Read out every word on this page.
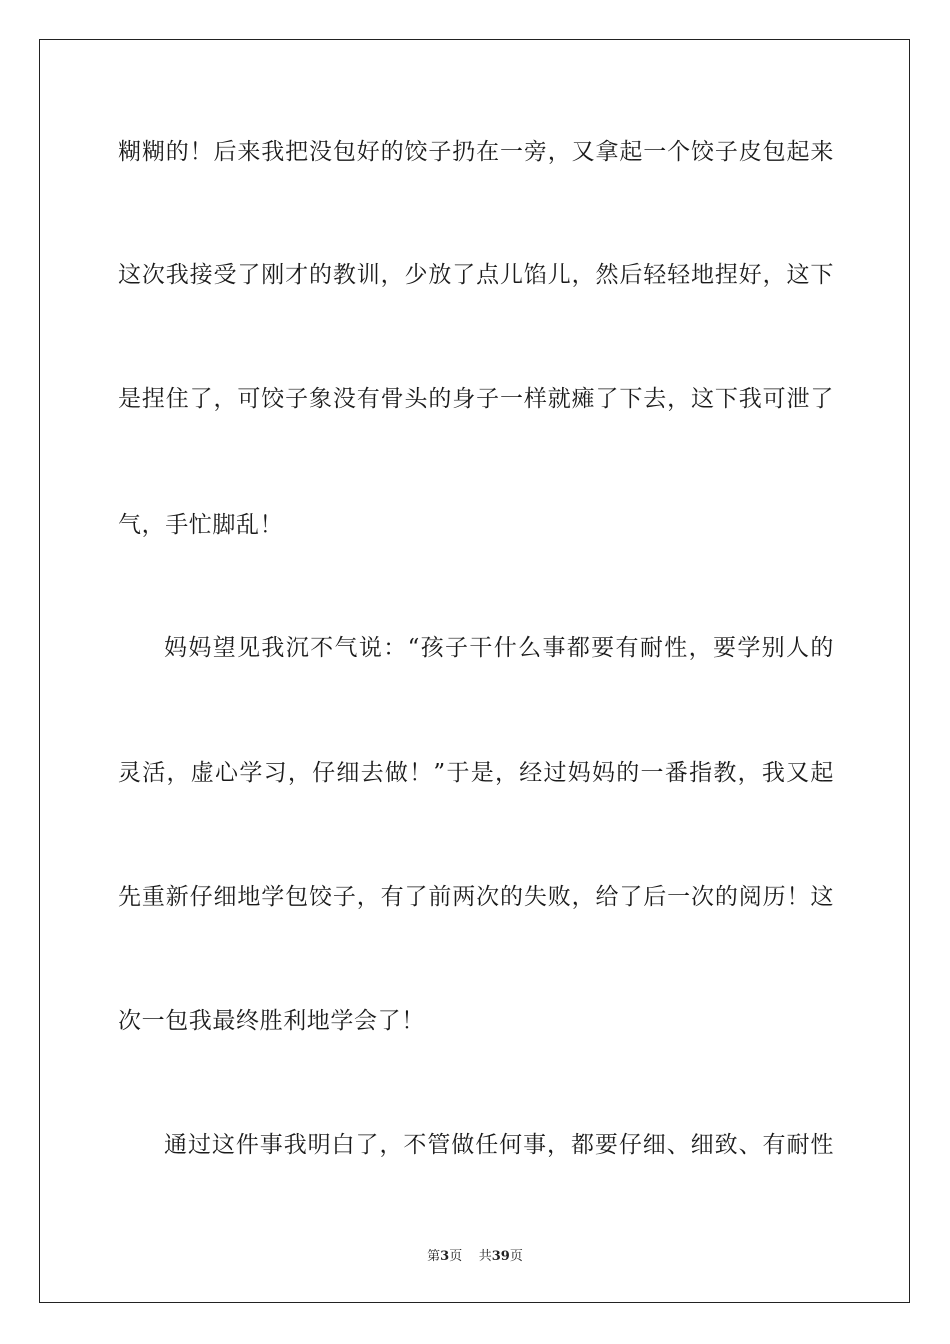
糊糊的！后来我把没包好的饺子扔在一旁，又拿起一个饺子皮包起来
这次我接受了刚才的教训，少放了点儿馅儿，然后轻轻地捏好，这下
是捏住了，可饺子象没有骨头的身子一样就瘫了下去，这下我可泄了
气，手忙脚乱！
妈妈望见我沉不气说：“孩子干什么事都要有耐性，要学别人的
灵活，虚心学习，仔细去做！”于是，经过妈妈的一番指教，我又起
先重新仔细地学包饺子，有了前两次的失败，给了后一次的阅历！这
次一包我最终胜利地学会了！
通过这件事我明白了，不管做任何事，都要仔细、细致、有耐性
第3页 共39页
